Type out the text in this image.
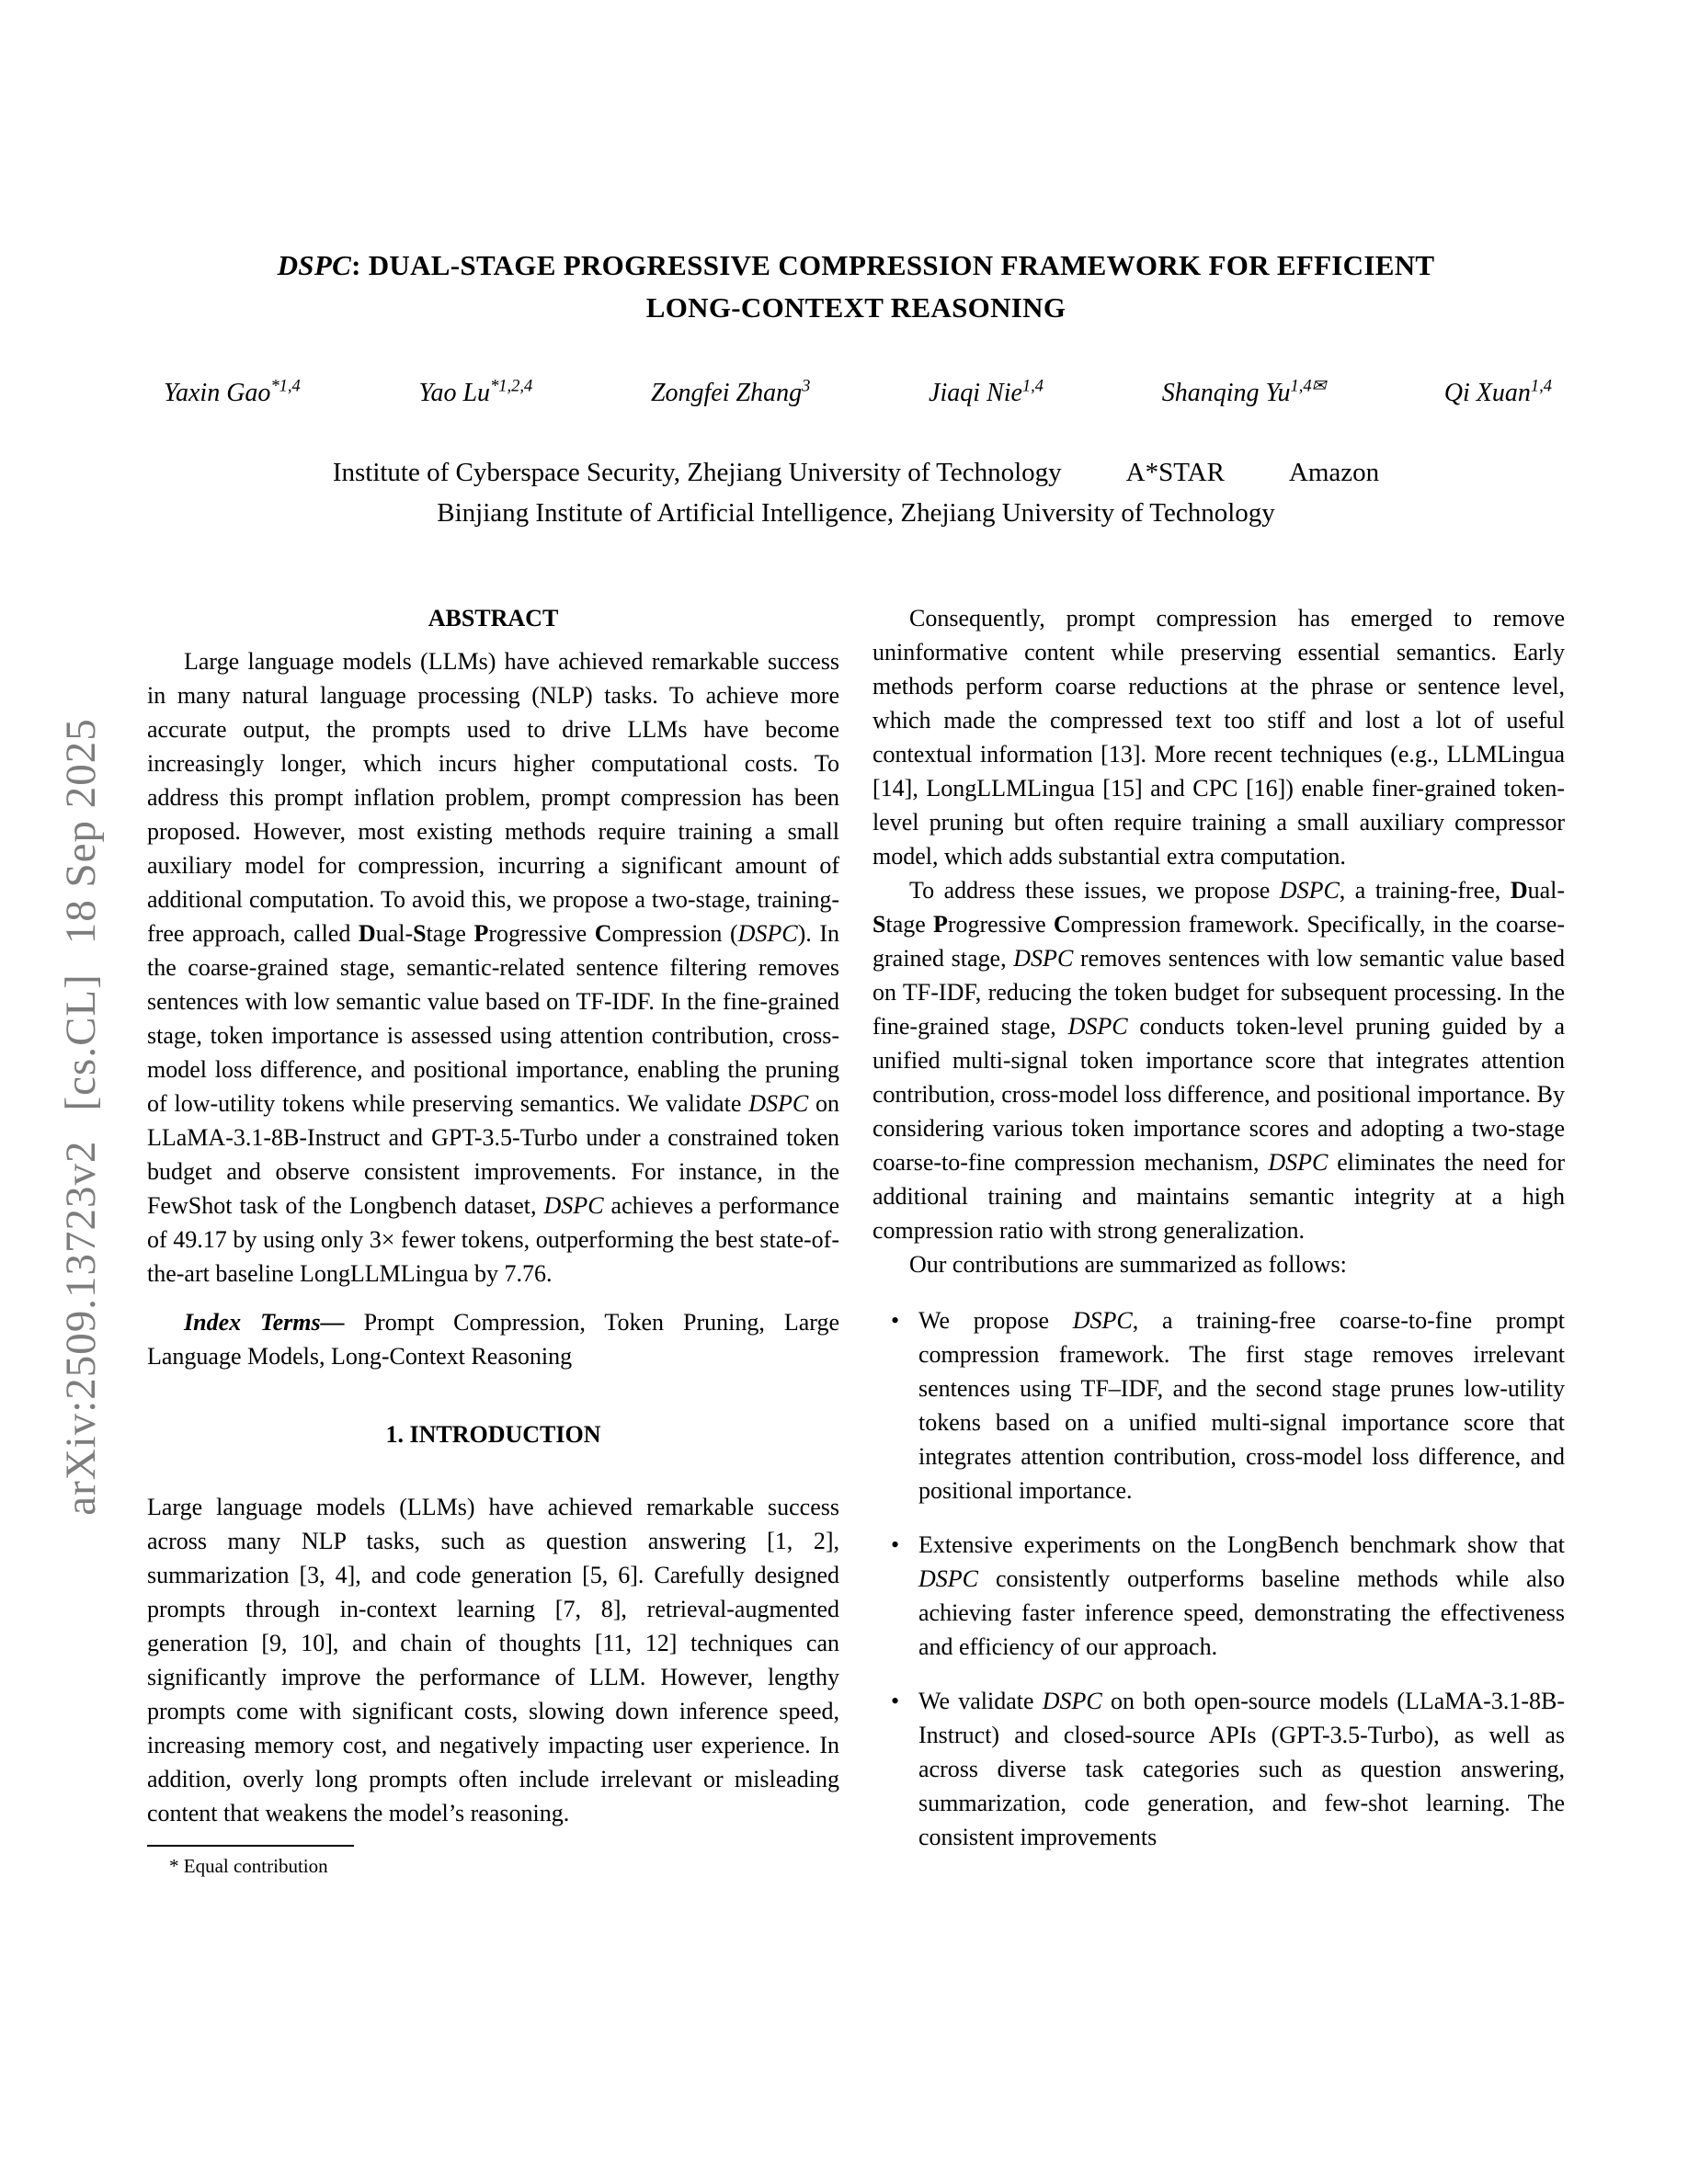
arXiv:2509.13723v2[cs.CL]18 Sep 2025
DSPC: DUAL-STAGE PROGRESSIVE COMPRESSION FRAMEWORK FOR EFFICIENT
LONG-CONTEXT REASONING
Yaxin Gao$^{*1,4}$	Yao Lu$^{*1,2,4}$	Zongfei Zhang$^3$	Jiaqi Nie$^{1,4}$	Shanqing $Yu^{1,4✉}$	Qi Xuan$^{1,4}$
Institute of Cyberspace Security, Zhejiang University of Technology A*STAR Amazon
Binjiang Institute of Artificial Intelligence, Zhejiang University of Technology
ABSTRACT

Large language models (LLMs) have achieved remarkable success in many natural language processing (NLP) tasks. To achieve more accurate output, the prompts used to drive LLMs have become increasingly longer, which incurs higher computational costs. To address this prompt inflation problem, prompt compression has been proposed. However, most existing methods require training a small auxiliary model for compression, incurring a significant amount of additional computation. To avoid this, we propose a two-stage, training-free approach, called Dual-Stage Progressive Compression (DSPC). In the coarse-grained stage, semantic-related sentence filtering removes sentences with low semantic value based on TF-IDF. In the fine-grained stage, token importance is assessed using attention contribution, cross-model loss difference, and positional importance, enabling the pruning of low-utility tokens while preserving semantics. We validate DSPC on LLaMA-3.1-8B-Instruct and GPT-3.5-Turbo under a constrained token budget and observe consistent improvements. For instance, in the FewShot task of the Longbench dataset, DSPC achieves a performance of 49.17 by using only 3× fewer tokens, outperforming the best state-of-the-art baseline LongLLMLingua by 7.76.

Index Terms— Prompt Compression, Token Pruning, Large Language Models, Long-Context Reasoning

1. INTRODUCTION

Large language models (LLMs) have achieved remarkable success across many NLP tasks, such as question answering [1, 2], summarization [3, 4], and code generation [5, 6]. Carefully designed prompts through in-context learning [7, 8], retrieval-augmented generation [9, 10], and chain of thoughts [11, 12] techniques can significantly improve the performance of LLM. However, lengthy prompts come with significant costs, slowing down inference speed, increasing memory cost, and negatively impacting user experience. In addition, overly long prompts often include irrelevant or misleading content that weakens the model’s reasoning.

* Equal contribution

Consequently, prompt compression has emerged to remove uninformative content while preserving essential semantics. Early methods perform coarse reductions at the phrase or sentence level, which made the compressed text too stiff and lost a lot of useful contextual information [13]. More recent techniques (e.g., LLMLingua [14], LongLLMLingua [15] and CPC [16]) enable finer-grained token-level pruning but often require training a small auxiliary compressor model, which adds substantial extra computation.

To address these issues, we propose DSPC, a training-free, Dual-Stage Progressive Compression framework. Specifically, in the coarse-grained stage, DSPC removes sentences with low semantic value based on TF-IDF, reducing the token budget for subsequent processing. In the fine-grained stage, DSPC conducts token-level pruning guided by a unified multi-signal token importance score that integrates attention contribution, cross-model loss difference, and positional importance. By considering various token importance scores and adopting a two-stage coarse-to-fine compression mechanism, DSPC eliminates the need for additional training and maintains semantic integrity at a high compression ratio with strong generalization.

Our contributions are summarized as follows:

• We propose DSPC, a training-free coarse-to-fine prompt compression framework. The first stage removes irrelevant sentences using TF–IDF, and the second stage prunes low-utility tokens based on a unified multi-signal importance score that integrates attention contribution, cross-model loss difference, and positional importance.
• Extensive experiments on the LongBench benchmark show that DSPC consistently outperforms baseline methods while also achieving faster inference speed, demonstrating the effectiveness and efficiency of our approach.
• We validate DSPC on both open-source models (LLaMA-3.1-8B-Instruct) and closed-source APIs (GPT-3.5-Turbo), as well as across diverse task categories such as question answering, summarization, code generation, and few-shot learning. The consistent improvements
